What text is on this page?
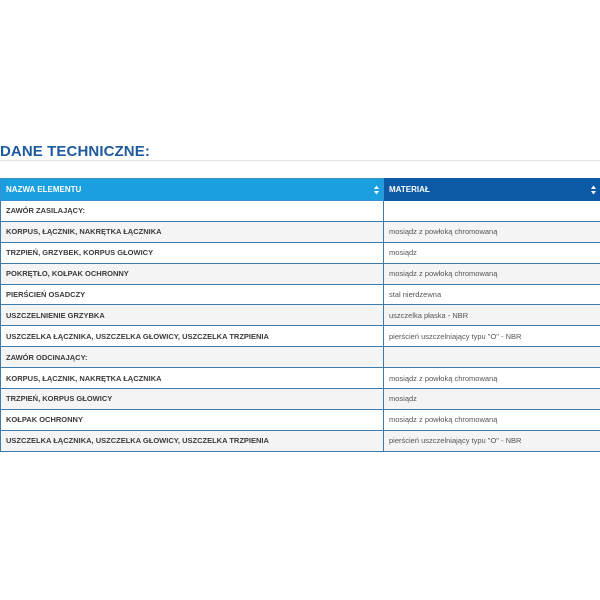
DANE TECHNICZNE:
NAZWA ELEMENTU	MATERIAŁ

ZAWÓR ZASILAJĄCY:	
KORPUS, ŁĄCZNIK, NAKRĘTKA ŁĄCZNIKA	mosiądz z powłoką chromowaną
TRZPIEŃ, GRZYBEK, KORPUS GŁOWICY	mosiądz
POKRĘTŁO, KOŁPAK OCHRONNY	mosiądz z powłoką chromowaną
PIERŚCIEŃ OSADCZY	stal nierdzewna
USZCZELNIENIE GRZYBKA	uszczelka płaska - NBR
USZCZELKA ŁĄCZNIKA, USZCZELKA GŁOWICY, USZCZELKA TRZPIENIA	pierścień uszczelniający typu "O" - NBR
ZAWÓR ODCINAJĄCY:	
KORPUS, ŁĄCZNIK, NAKRĘTKA ŁĄCZNIKA	mosiądz z powłoką chromowaną
TRZPIEŃ, KORPUS GŁOWICY	mosiądz
KOŁPAK OCHRONNY	mosiądz z powłoką chromowaną
USZCZELKA ŁĄCZNIKA, USZCZELKA GŁOWICY, USZCZELKA TRZPIENIA	pierścień uszczelniający typu "O" - NBR
